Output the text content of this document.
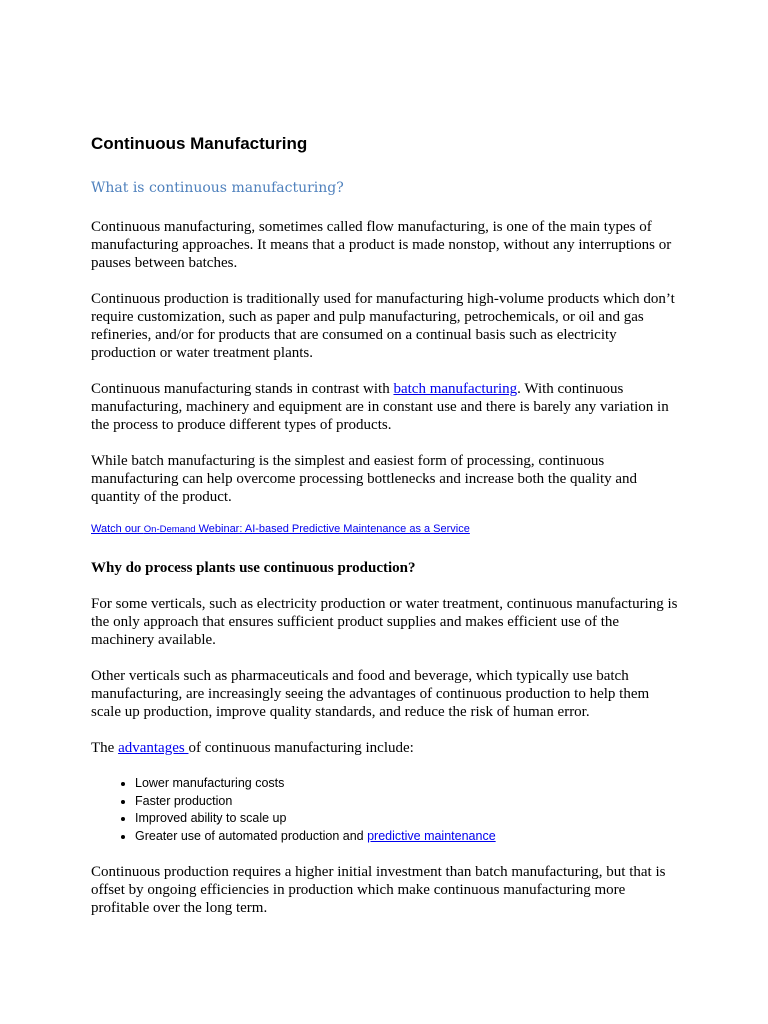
Continuous Manufacturing
What is continuous manufacturing?

Continuous manufacturing, sometimes called flow manufacturing, is one of the main types of manufacturing approaches. It means that a product is made nonstop, without any interruptions or pauses between batches.

Continuous production is traditionally used for manufacturing high-volume products which don’t require customization, such as paper and pulp manufacturing, petrochemicals, or oil and gas refineries, and/or for products that are consumed on a continual basis such as electricity production or water treatment plants.

Continuous manufacturing stands in contrast with batch manufacturing. With continuous manufacturing, machinery and equipment are in constant use and there is barely any variation in the process to produce different types of products.

While batch manufacturing is the simplest and easiest form of processing, continuous manufacturing can help overcome processing bottlenecks and increase both the quality and quantity of the product.

Watch our On-Demand Webinar: AI-based Predictive Maintenance as a Service
Why do process plants use continuous production?

For some verticals, such as electricity production or water treatment, continuous manufacturing is the only approach that ensures sufficient product supplies and makes efficient use of the machinery available.

Other verticals such as pharmaceuticals and food and beverage, which typically use batch manufacturing, are increasingly seeing the advantages of continuous production to help them scale up production, improve quality standards, and reduce the risk of human error.

The advantages of continuous manufacturing include:

• Lower manufacturing costs
• Faster production
• Improved ability to scale up
• Greater use of automated production and predictive maintenance

Continuous production requires a higher initial investment than batch manufacturing, but that is offset by ongoing efficiencies in production which make continuous manufacturing more profitable over the long term.
